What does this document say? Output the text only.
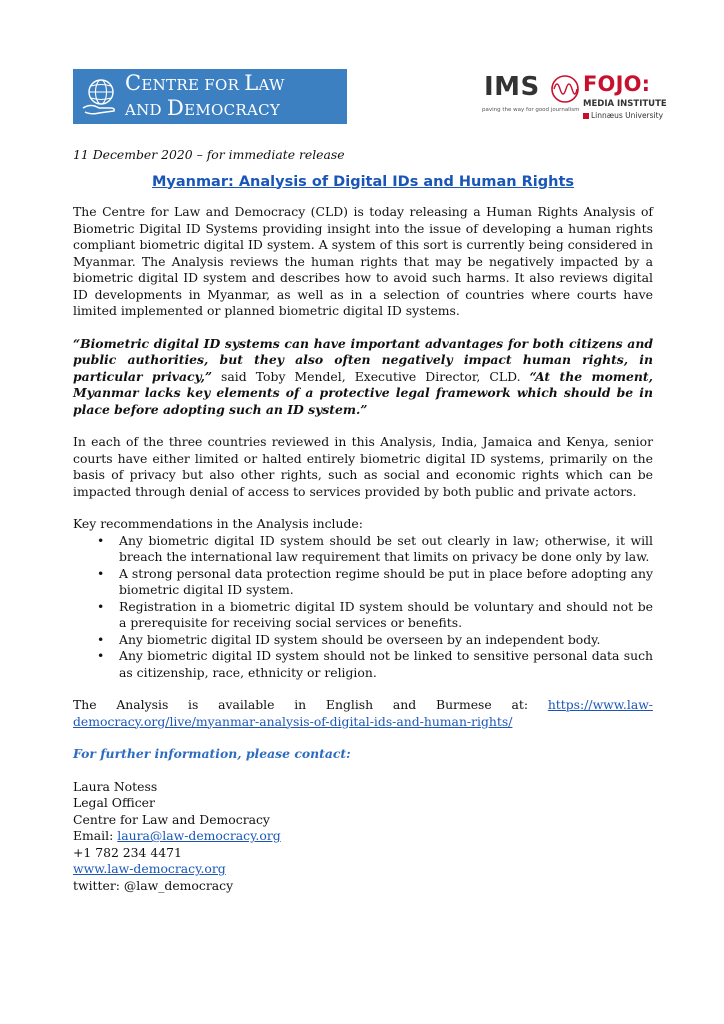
CENTRE FOR LAW
AND DEMOCRACY
IMS
paving the way for good journalism
FOJO:
MEDIA INSTITUTE
Linnæus University
11 December 2020 – for immediate release
Myanmar: Analysis of Digital IDs and Human Rights

The Centre for Law and Democracy (CLD) is today releasing a Human Rights Analysis of Biometric Digital ID Systems providing insight into the issue of developing a human rights compliant biometric digital ID system. A system of this sort is currently being considered in Myanmar. The Analysis reviews the human rights that may be negatively impacted by a biometric digital ID system and describes how to avoid such harms. It also reviews digital ID developments in Myanmar, as well as in a selection of countries where courts have limited implemented or planned biometric digital ID systems.

“Biometric digital ID systems can have important advantages for both citizens and public authorities, but they also often negatively impact human rights, in particular privacy,” said Toby Mendel, Executive Director, CLD. “At the moment, Myanmar lacks key elements of a protective legal framework which should be in place before adopting such an ID system.”

In each of the three countries reviewed in this Analysis, India, Jamaica and Kenya, senior courts have either limited or halted entirely biometric digital ID systems, primarily on the basis of privacy but also other rights, such as social and economic rights which can be impacted through denial of access to services provided by both public and private actors.

Key recommendations in the Analysis include:

• Any biometric digital ID system should be set out clearly in law; otherwise, it will breach the international law requirement that limits on privacy be done only by law.
• A strong personal data protection regime should be put in place before adopting any biometric digital ID system.
• Registration in a biometric digital ID system should be voluntary and should not be a prerequisite for receiving social services or benefits.
• Any biometric digital ID system should be overseen by an independent body.
• Any biometric digital ID system should not be linked to sensitive personal data such as citizenship, race, ethnicity or religion.

The Analysis is available in English and Burmese at: https://www.law-democracy.org/live/myanmar-analysis-of-digital-ids-and-human-rights/

For further information, please contact:
Laura Notess
Legal Officer
Centre for Law and Democracy
Email: laura@law-democracy.org
+1 782 234 4471
www.law-democracy.org
twitter: @law_democracy
